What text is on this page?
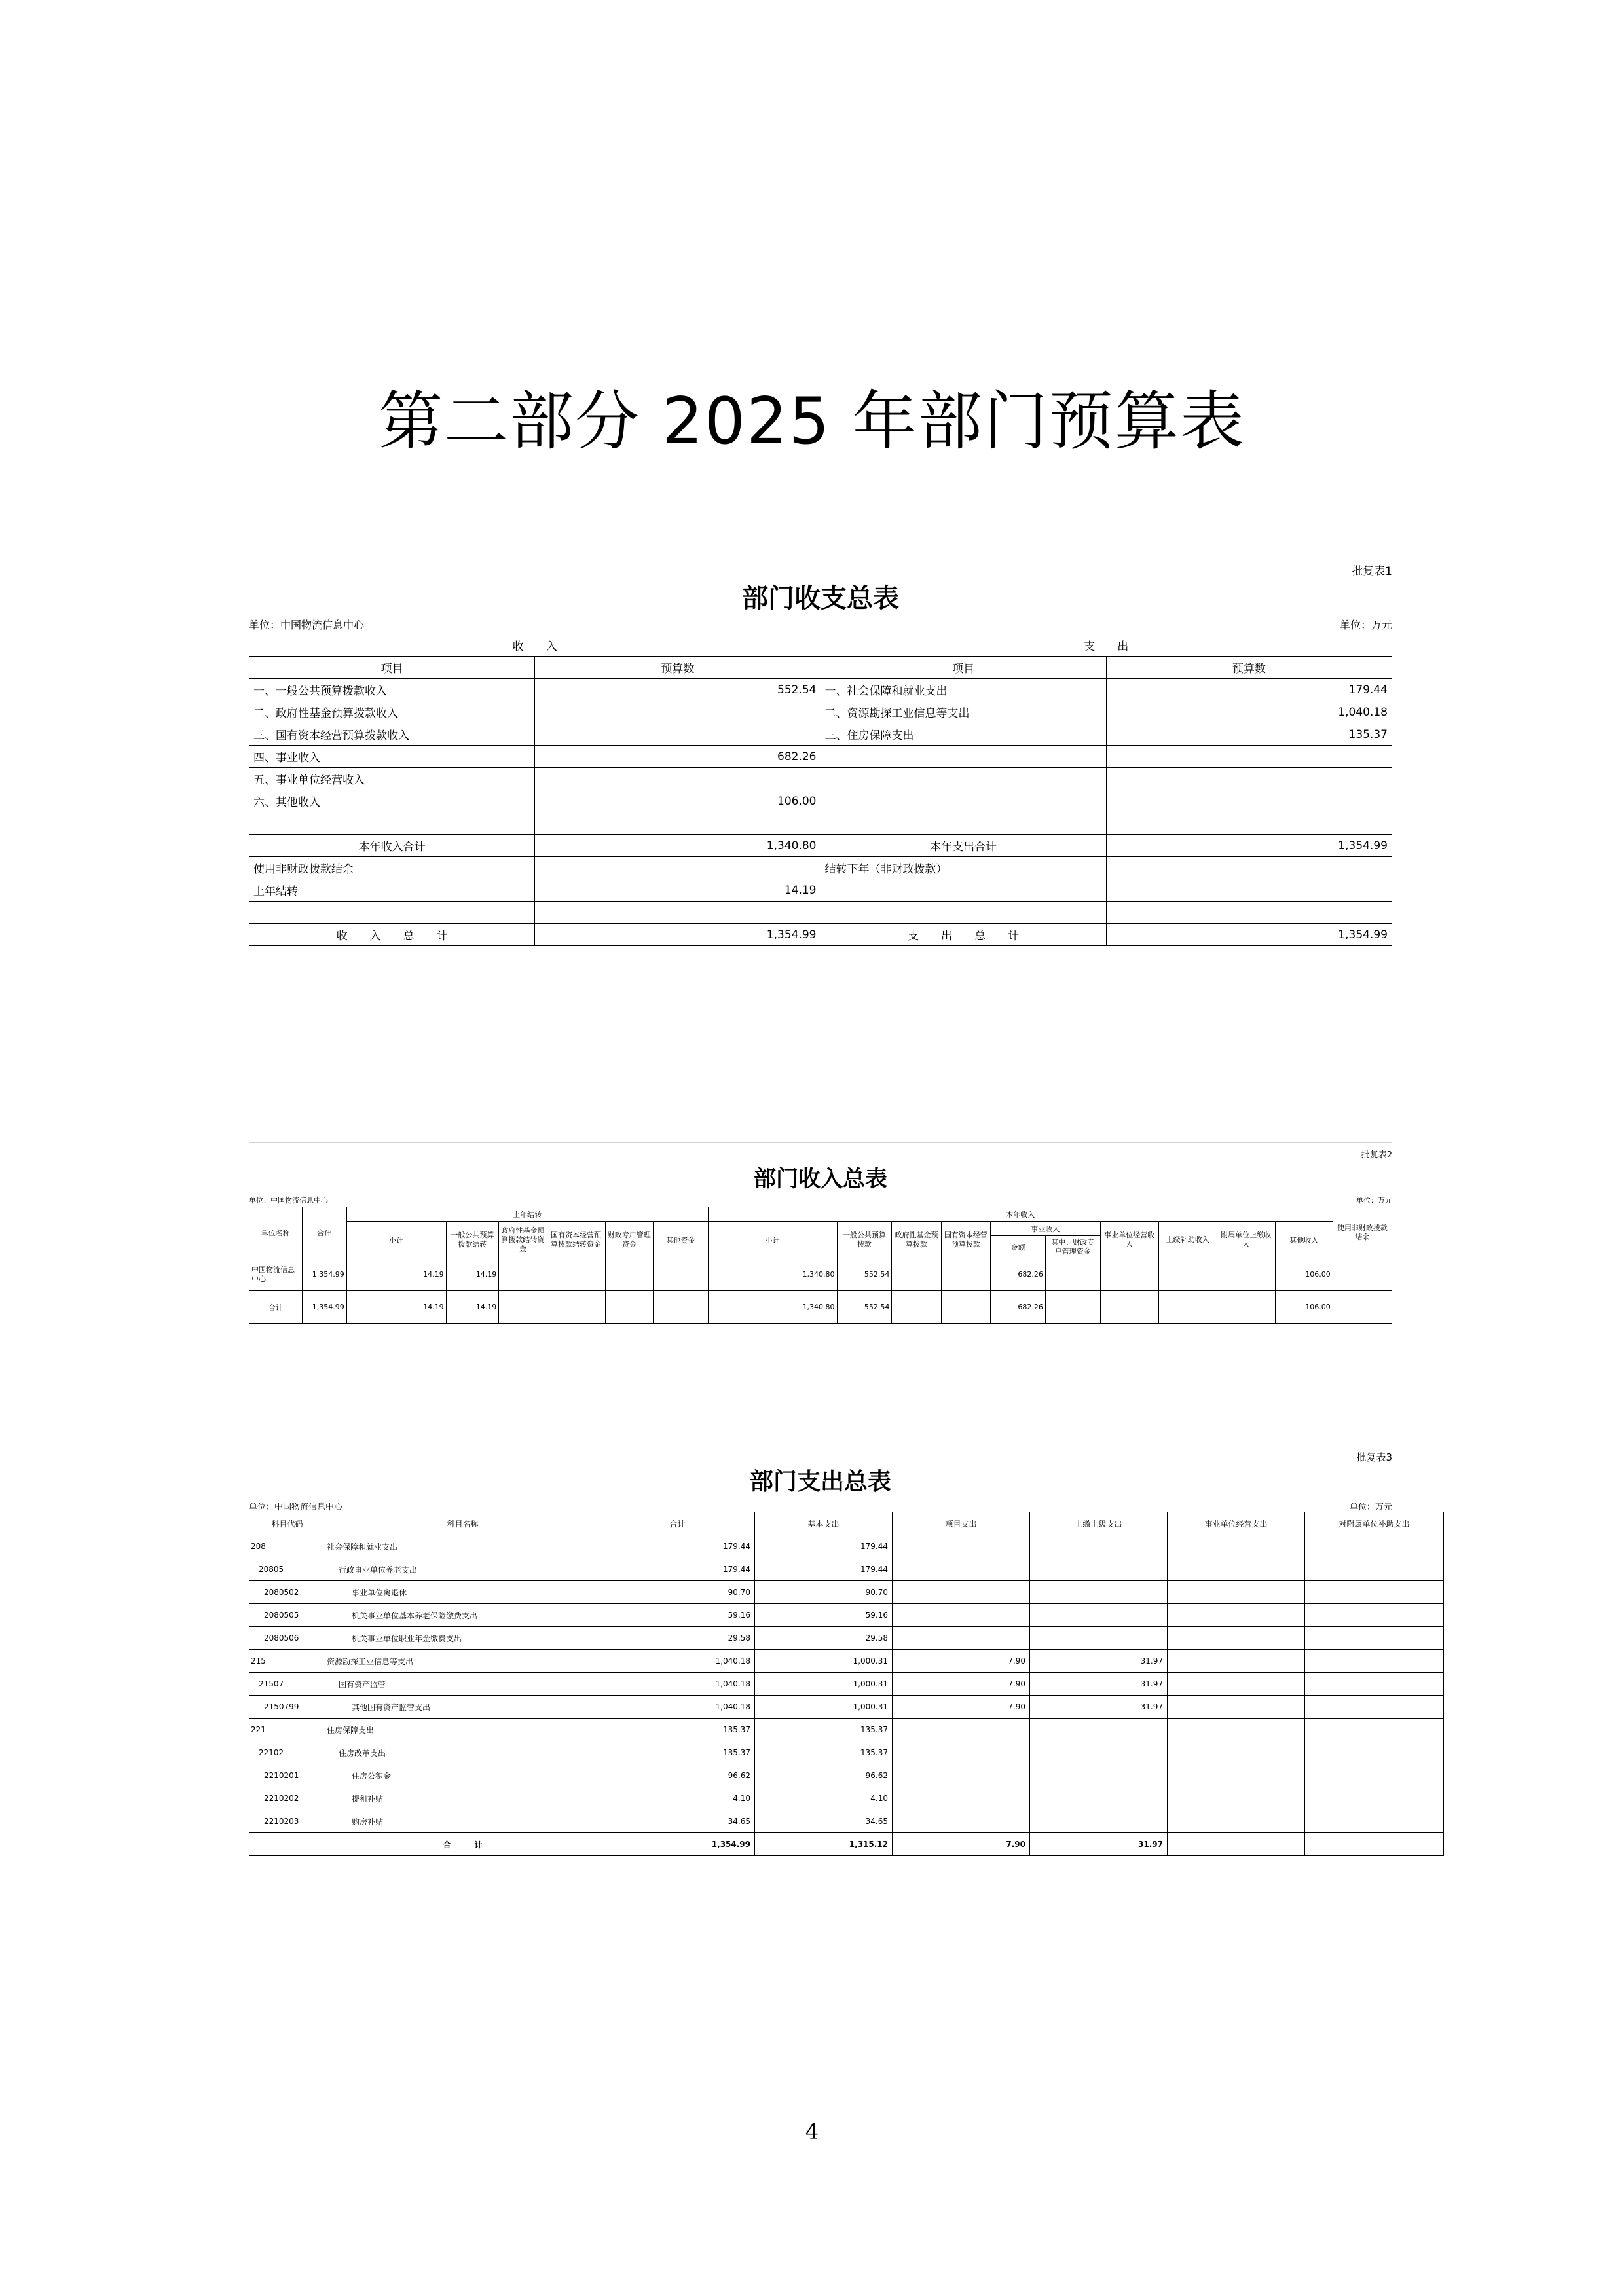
第二部分 2025 年部门预算表
批复表1
部门收支总表
单位：中国物流信息中心	单位：万元
收　　入		支　　出	
项目	预算数	项目	预算数
一、一般公共预算拨款收入	552.54	一、社会保障和就业支出	179.44
二、政府性基金预算拨款收入		二、资源勘探工业信息等支出	1,040.18
三、国有资本经营预算拨款收入		三、住房保障支出	135.37
四、事业收入	682.26		
五、事业单位经营收入			
六、其他收入	106.00		

本年收入合计	1,340.80	本年支出合计	1,354.99
使用非财政拨款结余		结转下年（非财政拨款）	
上年结转	14.19		

收　　入　　总　　计	1,354.99	支　　出　　总　　计	1,354.99
批复表2
部门收入总表
单位：中国物流信息中心	单位：万元
单位名称	合计	上年结转						本年收入										使用非财政拨款结余
		小计	一般公共预算拨款结转	政府性基金预算拨款结转资金	国有资本经营预算拨款结转资金	财政专户管理资金	其他资金	小计	一般公共预算拨款	政府性基金预算拨款	国有资本经营预算拨款	事业收入		事业单位经营收入	上级补助收入	附属单位上缴收入	其他收入	
												金额	其中：财政专户管理资金					
中国物流信息中心	1,354.99	14.19	14.19					1,340.80	552.54			682.26					106.00	
合计	1,354.99	14.19	14.19					1,340.80	552.54			682.26					106.00	
批复表3
部门支出总表
单位：中国物流信息中心	单位：万元
科目代码	科目名称	合计	基本支出	项目支出	上缴上级支出	事业单位经营支出	对附属单位补助支出
208	社会保障和就业支出	179.44	179.44				
20805	行政事业单位养老支出	179.44	179.44				
2080502	事业单位离退休	90.70	90.70				
2080505	机关事业单位基本养老保险缴费支出	59.16	59.16				
2080506	机关事业单位职业年金缴费支出	29.58	29.58				
215	资源勘探工业信息等支出	1,040.18	1,000.31	7.90	31.97		
21507	国有资产监管	1,040.18	1,000.31	7.90	31.97		
2150799	其他国有资产监管支出	1,040.18	1,000.31	7.90	31.97		
221	住房保障支出	135.37	135.37				
22102	住房改革支出	135.37	135.37				
2210201	住房公积金	96.62	96.62				
2210202	提租补贴	4.10	4.10				
2210203	购房补贴	34.65	34.65				
	合　　　计	1,354.99	1,315.12	7.90	31.97		
4
